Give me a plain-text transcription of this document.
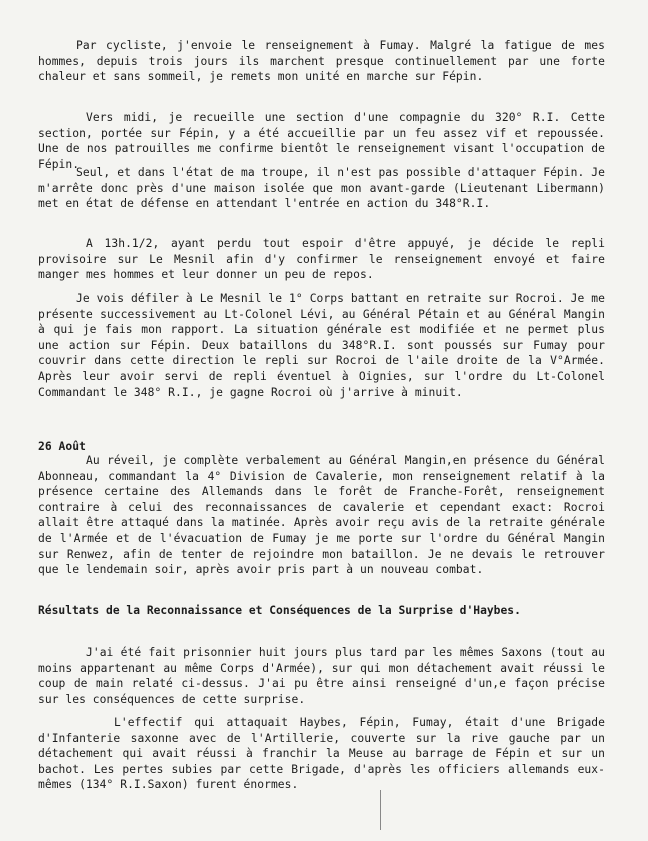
Par cycliste, j'envoie le renseignement à Fumay. Malgré la fatigue de mes hommes, depuis trois jours ils marchent presque continuellement par une forte chaleur et sans sommeil, je remets mon unité en marche sur Fépin.
Vers midi, je recueille une section d'une compagnie du 320° R.I. Cette section, portée sur Fépin, y a été accueillie par un feu assez vif et repoussée. Une de nos patrouilles me confirme bientôt le renseignement visant l'occupation de Fépin.
Seul, et dans l'état de ma troupe, il n'est pas possible d'attaquer Fépin. Je m'arrête donc près d'une maison isolée que mon avant-garde (Lieutenant Libermann) met en état de défense en attendant l'entrée en action du 348°R.I.
A 13h.1/2, ayant perdu tout espoir d'être appuyé, je décide le repli provisoire sur Le Mesnil afin d'y confirmer le renseignement envoyé et faire manger mes hommes et leur donner un peu de repos.
Je vois défiler à Le Mesnil le 1° Corps battant en retraite sur Rocroi. Je me présente successivement au Lt-Colonel Lévi, au Général Pétain et au Général Mangin à qui je fais mon rapport. La situation générale est modifiée et ne permet plus une action sur Fépin. Deux bataillons du 348°R.I. sont poussés sur Fumay pour couvrir dans cette direction le repli sur Rocroi de l'aile droite de la V°Armée. Après leur avoir servi de repli éventuel à Oignies, sur l'ordre du Lt-Colonel Commandant le 348° R.I., je gagne Rocroi où j'arrive à minuit.
26 Août
Au réveil, je complète verbalement au Général Mangin,en présence du Général Abonneau, commandant la 4° Division de Cavalerie, mon renseignement relatif à la présence certaine des Allemands dans le forêt de Franche-Forêt, renseignement contraire à celui des reconnaissances de cavalerie et cependant exact: Rocroi allait être attaqué dans la matinée. Après avoir reçu avis de la retraite générale de l'Armée et de l'évacuation de Fumay je me porte sur l'ordre du Général Mangin sur Renwez, afin de tenter de rejoindre mon bataillon. Je ne devais le retrouver que le lendemain soir, après avoir pris part à un nouveau combat.
Résultats de la Reconnaissance et Conséquences de la Surprise d'Haybes.
J'ai été fait prisonnier huit jours plus tard par les mêmes Saxons (tout au moins appartenant au même Corps d'Armée), sur qui mon détachement avait réussi le coup de main relaté ci-dessus. J'ai pu être ainsi renseigné d'un,e façon précise sur les conséquences de cette surprise.
L'effectif qui attaquait Haybes, Fépin, Fumay, était d'une Brigade d'Infanterie saxonne avec de l'Artillerie, couverte sur la rive gauche par un détachement qui avait réussi à franchir la Meuse au barrage de Fépin et sur un bachot. Les pertes subies par cette Brigade, d'après les officiers allemands eux-mêmes (134° R.I.Saxon) furent énormes.
